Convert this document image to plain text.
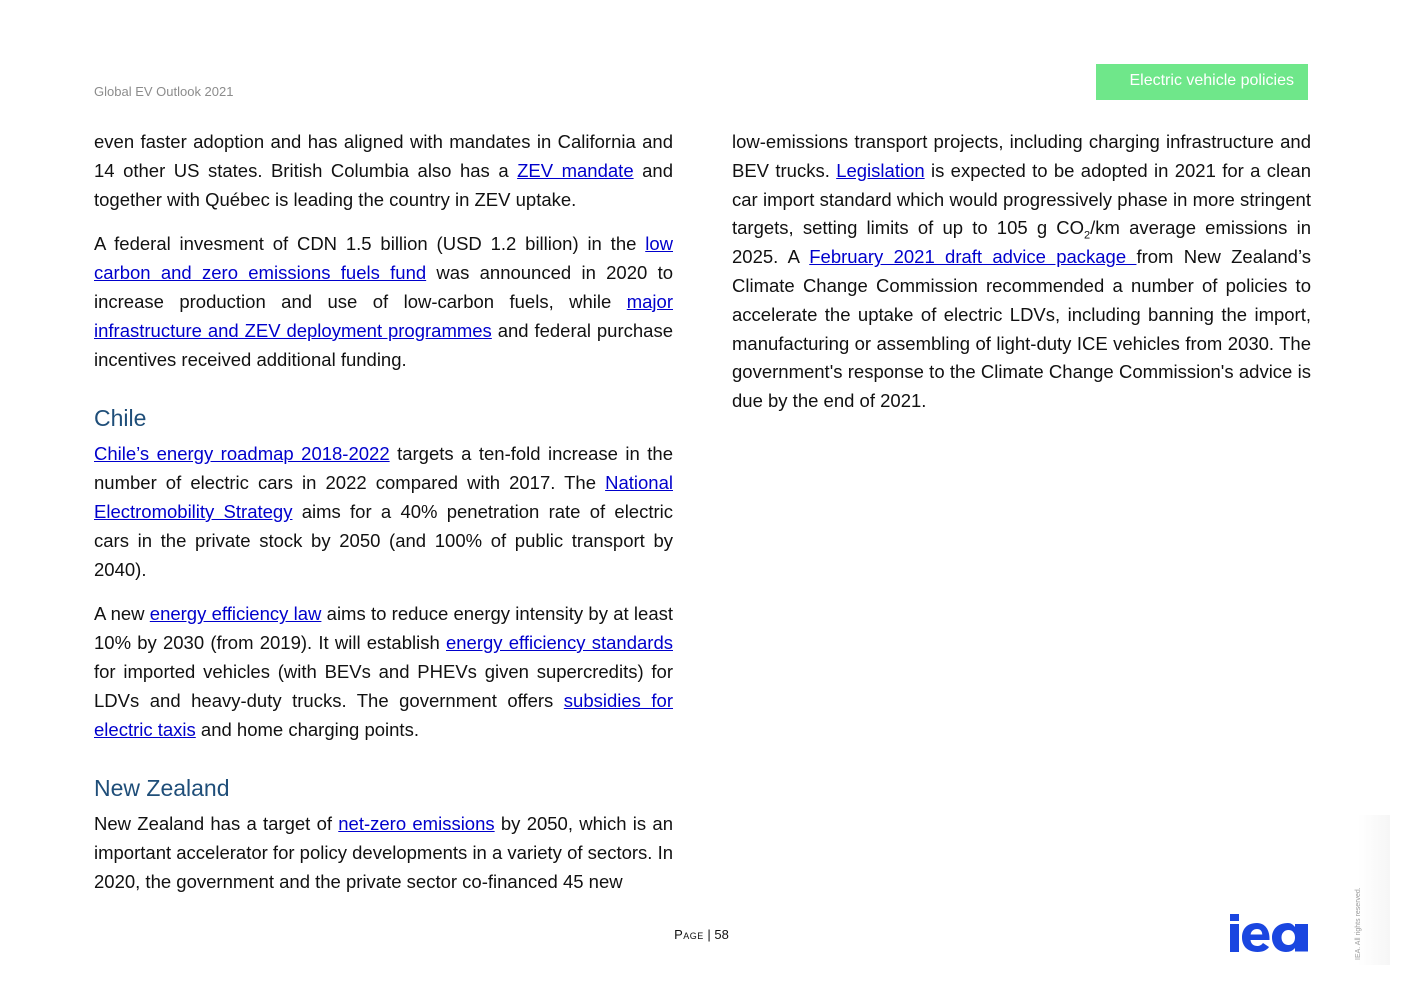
Global EV Outlook 2021
Electric vehicle policies

even faster adoption and has aligned with mandates in California and 14 other US states. British Columbia also has a ZEV mandate and together with Québec is leading the country in ZEV uptake.

A federal invesment of CDN 1.5 billion (USD 1.2 billion) in the low carbon and zero emissions fuels fund was announced in 2020 to increase production and use of low-carbon fuels, while major infrastructure and ZEV deployment programmes and federal purchase incentives received additional funding.

Chile

Chile’s energy roadmap 2018-2022 targets a ten-fold increase in the number of electric cars in 2022 compared with 2017. The National Electromobility Strategy aims for a 40% penetration rate of electric cars in the private stock by 2050 (and 100% of public transport by 2040).

A new energy efficiency law aims to reduce energy intensity by at least 10% by 2030 (from 2019). It will establish energy efficiency standards for imported vehicles (with BEVs and PHEVs given supercredits) for LDVs and heavy-duty trucks. The government offers subsidies for electric taxis and home charging points.

New Zealand

New Zealand has a target of net-zero emissions by 2050, which is an important accelerator for policy developments in a variety of sectors. In 2020, the government and the private sector co-financed 45 new

low-emissions transport projects, including charging infrastructure and BEV trucks. Legislation is expected to be adopted in 2021 for a clean car import standard which would progressively phase in more stringent targets, setting limits of up to 105 g $CO_2/km$ average emissions in 2025. A February 2021 draft advice package from New Zealand’s Climate Change Commission recommended a number of policies to accelerate the uptake of electric LDVs, including banning the import, manufacturing or assembling of light-duty ICE vehicles from 2030. The government's response to the Climate Change Commission's advice is due by the end of 2021.

Page | 58	IEA. All rights reserved.
